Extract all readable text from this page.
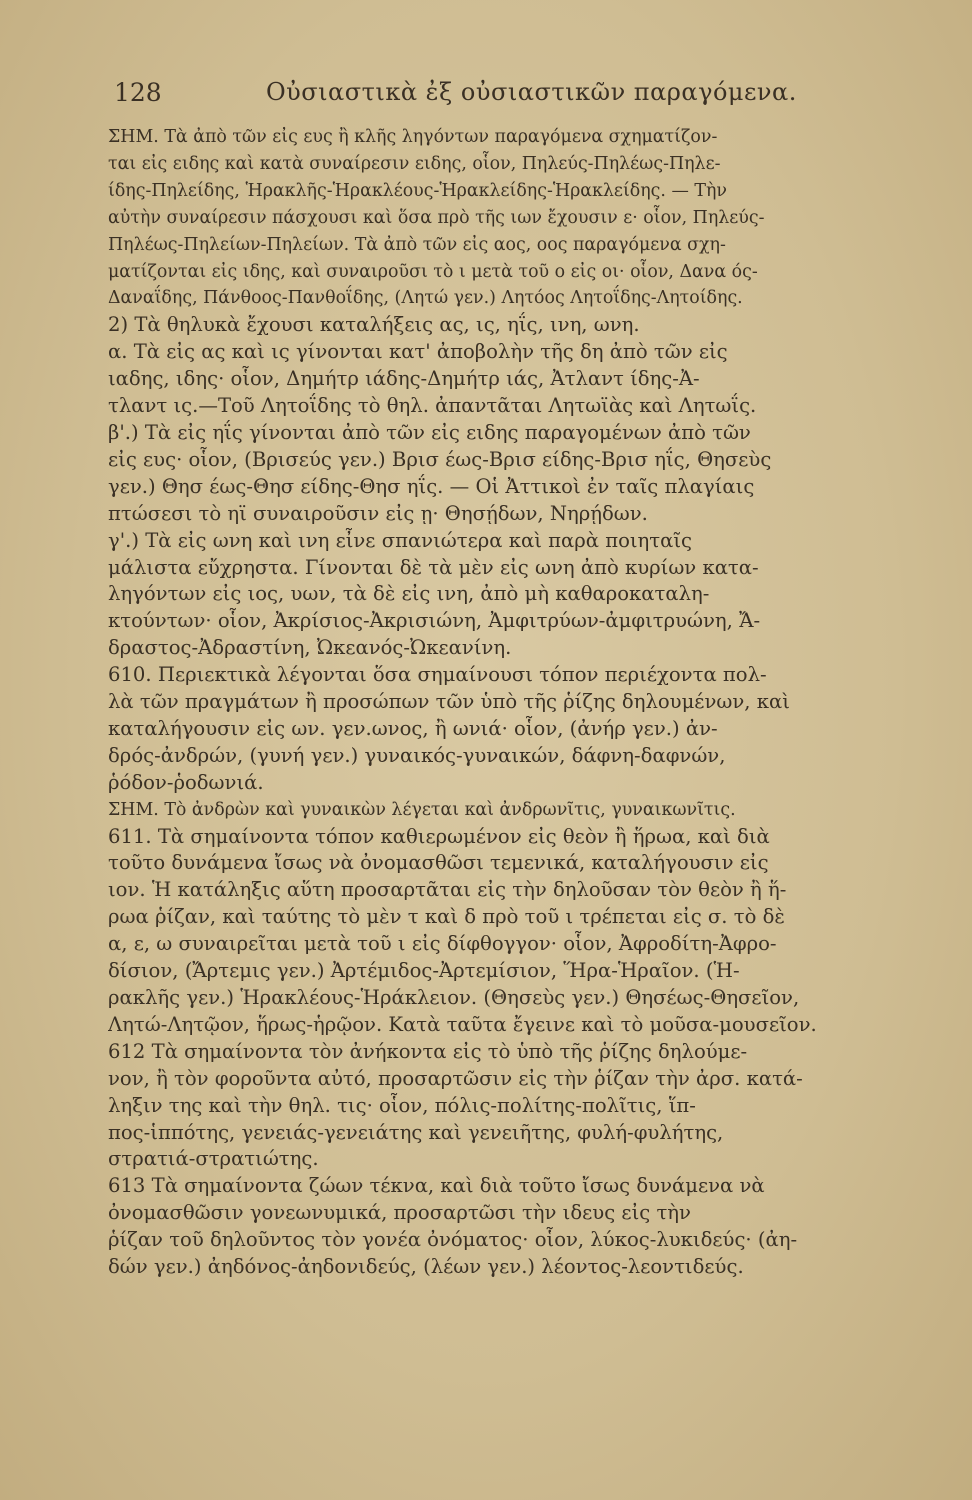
128	Οὐσιαστικὰ ἐξ οὐσιαστικῶν παραγόμενα.
ΣΗΜ. Τὰ ἀπὸ τῶν εἰς ευς ἢ κλῆς ληγόντων παραγόμενα σχηματίζον-
ται εἰς ειδης καὶ κατὰ συναίρεσιν ειδης, οἷον, Πηλεύς-Πηλέως-Πηλε-
ίδης-Πηλείδης, Ἡρακλῆς-Ἡρακλέους-Ἡρακλείδης-Ἡρακλείδης. — Τὴν
αὐτὴν συναίρεσιν πάσχουσι καὶ ὅσα πρὸ τῆς ιων ἔχουσιν ε· οἷον, Πηλεύς-
Πηλέως-Πηλείων-Πηλείων. Τὰ ἀπὸ τῶν εἰς αος, οος παραγόμενα σχη-
ματίζονται εἰς ιδης, καὶ συναιροῦσι τὸ ι μετὰ τοῦ ο εἰς οι· οἷον, Δανα ός-
Δαναΐδης, Πάνθοος-Πανθοΐδης, (Λητώ γεν.) Λητόος Λητοΐδης-Λητοίδης.
2) Τὰ θηλυκὰ ἔχουσι καταλήξεις ας, ις, ηΐς, ινη, ωνη.
α. Τὰ εἰς ας καὶ ις γίνονται κατ' ἀποβολὴν τῆς δη ἀπὸ τῶν εἰς
ιαδης, ιδης· οἷον, Δημήτρ ιάδης-Δημήτρ ιάς, Ἀτλαντ ίδης-Ἀ-
τλαντ ις.—Τοῦ Λητοΐδης τὸ θηλ. ἀπαντᾶται Λητωϊὰς καὶ Λητωΐς.
β'.) Τὰ εἰς ηΐς γίνονται ἀπὸ τῶν εἰς ειδης παραγομένων ἀπὸ τῶν
εἰς ευς· οἷον, (Βρισεύς γεν.) Βρισ έως-Βρισ είδης-Βρισ ηΐς, Θησεὺς
γεν.) Θησ έως-Θησ είδης-Θησ ηΐς. — Οἱ Ἀττικοὶ ἐν ταῖς πλαγίαις
πτώσεσι τὸ ηϊ συναιροῦσιν εἰς ῃ· Θησῄδων, Νηρῄδων.
γ'.) Τὰ εἰς ωνη καὶ ινη εἶνε σπανιώτερα καὶ παρὰ ποιηταῖς
μάλιστα εὔχρηστα. Γίνονται δὲ τὰ μὲν εἰς ωνη ἀπὸ κυρίων κατα-
ληγόντων εἰς ιος, υων, τὰ δὲ εἰς ινη, ἀπὸ μὴ καθαροκαταλη-
κτούντων· οἷον, Ἀκρίσιος-Ἀκρισιώνη, Ἀμφιτρύων-ἀμφιτρυώνη, Ἄ-
δραστος-Ἀδραστίνη, Ὠκεανός-Ὠκεανίνη.
610. Περιεκτικὰ λέγονται ὅσα σημαίνουσι τόπον περιέχοντα πολ-
λὰ τῶν πραγμάτων ἢ προσώπων τῶν ὑπὸ τῆς ῥίζης δηλουμένων, καὶ
καταλήγουσιν εἰς ων. γεν.ωνος, ἢ ωνιά· οἷον, (ἀνήρ γεν.) ἀν-
δρός-ἀνδρών, (γυνή γεν.) γυναικός-γυναικών, δάφνη-δαφνών,
ῥόδον-ῥοδωνιά.
ΣΗΜ. Τὸ ἀνδρὼν καὶ γυναικὼν λέγεται καὶ ἀνδρωνῖτις, γυναικωνῖτις.
611. Τὰ σημαίνοντα τόπον καθιερωμένον εἰς θεὸν ἢ ἥρωα, καὶ διὰ
τοῦτο δυνάμενα ἴσως νὰ ὀνομασθῶσι τεμενικά, καταλήγουσιν εἰς
ιον. Ἡ κατάληξις αὕτη προσαρτᾶται εἰς τὴν δηλοῦσαν τὸν θεὸν ἢ ἥ-
ρωα ῥίζαν, καὶ ταύτης τὸ μὲν τ καὶ δ πρὸ τοῦ ι τρέπεται εἰς σ. τὸ δὲ
α, ε, ω συναιρεῖται μετὰ τοῦ ι εἰς δίφθογγον· οἷον, Ἀφροδίτη-Ἀφρο-
δίσιον, (Ἄρτεμις γεν.) Ἀρτέμιδος-Ἀρτεμίσιον, Ἥρα-Ἡραῖον. (Ἡ-
ρακλῆς γεν.) Ἡρακλέους-Ἡράκλειον. (Θησεὺς γεν.) Θησέως-Θησεῖον,
Λητώ-Λητῷον, ἥρως-ἡρῷον. Κατὰ ταῦτα ἔγεινε καὶ τὸ μοῦσα-μουσεῖον.
612 Τὰ σημαίνοντα τὸν ἀνήκοντα εἰς τὸ ὑπὸ τῆς ῥίζης δηλούμε-
νον, ἢ τὸν φοροῦντα αὐτό, προσαρτῶσιν εἰς τὴν ῥίζαν τὴν ἀρσ. κατά-
ληξιν της καὶ τὴν θηλ. τις· οἷον, πόλις-πολίτης-πολῖτις, ἵπ-
πος-ἱππότης, γενειάς-γενειάτης καὶ γενειῆτης, φυλή-φυλήτης,
στρατιά-στρατιώτης.
613 Τὰ σημαίνοντα ζώων τέκνα, καὶ διὰ τοῦτο ἴσως δυνάμενα νὰ
ὀνομασθῶσιν γονεωνυμικά, προσαρτῶσι τὴν ιδευς εἰς τὴν
ῥίζαν τοῦ δηλοῦντος τὸν γονέα ὀνόματος· οἷον, λύκος-λυκιδεύς· (ἀη-
δών γεν.) ἀηδόνος-ἀηδονιδεύς, (λέων γεν.) λέοντος-λεοντιδεύς.
